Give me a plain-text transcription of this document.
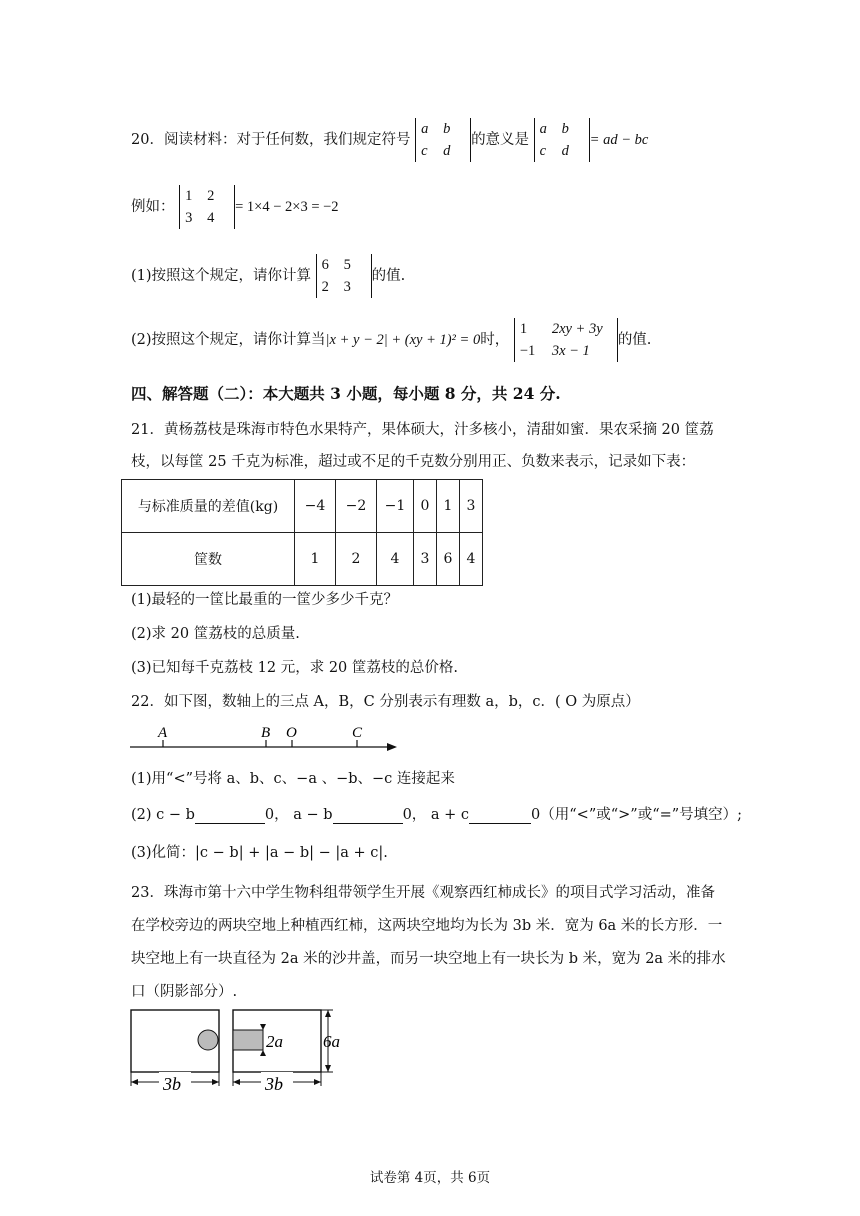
20．阅读材料：对于任何数，我们规定符号
a b
c d
的意义是
a b
c d
= ad − bc
例如：
1 2
3 4
= 1×4 − 2×3 = −2
(1)按照这个规定，请你计算
6 5
2 3
的值.
(2)按照这个规定，请你计算当|x + y − 2| + (xy + 1)² = 0时，
1 2xy + 3y
−1 3x − 1
的值.
四、解答题（二）：本大题共 3 小题，每小题 8 分，共 24 分.
21．黄杨荔枝是珠海市特色水果特产，果体硕大，汁多核小，清甜如蜜．果农采摘 20 筐荔
枝，以每筐 25 千克为标准，超过或不足的千克数分别用正、负数来表示，记录如下表：
与标准质量的差值(kg)	−4	−2	−1	0	1	3
筐数	1	2	4	3	6	4
(1)最轻的一筐比最重的一筐少多少千克？
(2)求 20 筐荔枝的总质量.
(3)已知每千克荔枝 12 元，求 20 筐荔枝的总价格.
22．如下图，数轴上的三点 A，B，C 分别表示有理数 a，b，c．( O 为原点）
A	B O	C
(1)用“<”号将 a、b、c、−a 、−b、−c 连接起来
(2) c − b	0， a − b	0， a + c	0（用“<”或“>”或“=”号填空）;
(3)化简：|c − b| + |a − b| − |a + c|.
23．珠海市第十六中学生物科组带领学生开展《观察西红柿成长》的项目式学习活动，准备
在学校旁边的两块空地上种植西红柿，这两块空地均为长为 3b 米．宽为 6a 米的长方形．一
块空地上有一块直径为 2a 米的沙井盖，而另一块空地上有一块长为 b 米，宽为 2a 米的排水
口（阴影部分）.
3b
2a 6a
3b
试卷第 4页，共 6页
